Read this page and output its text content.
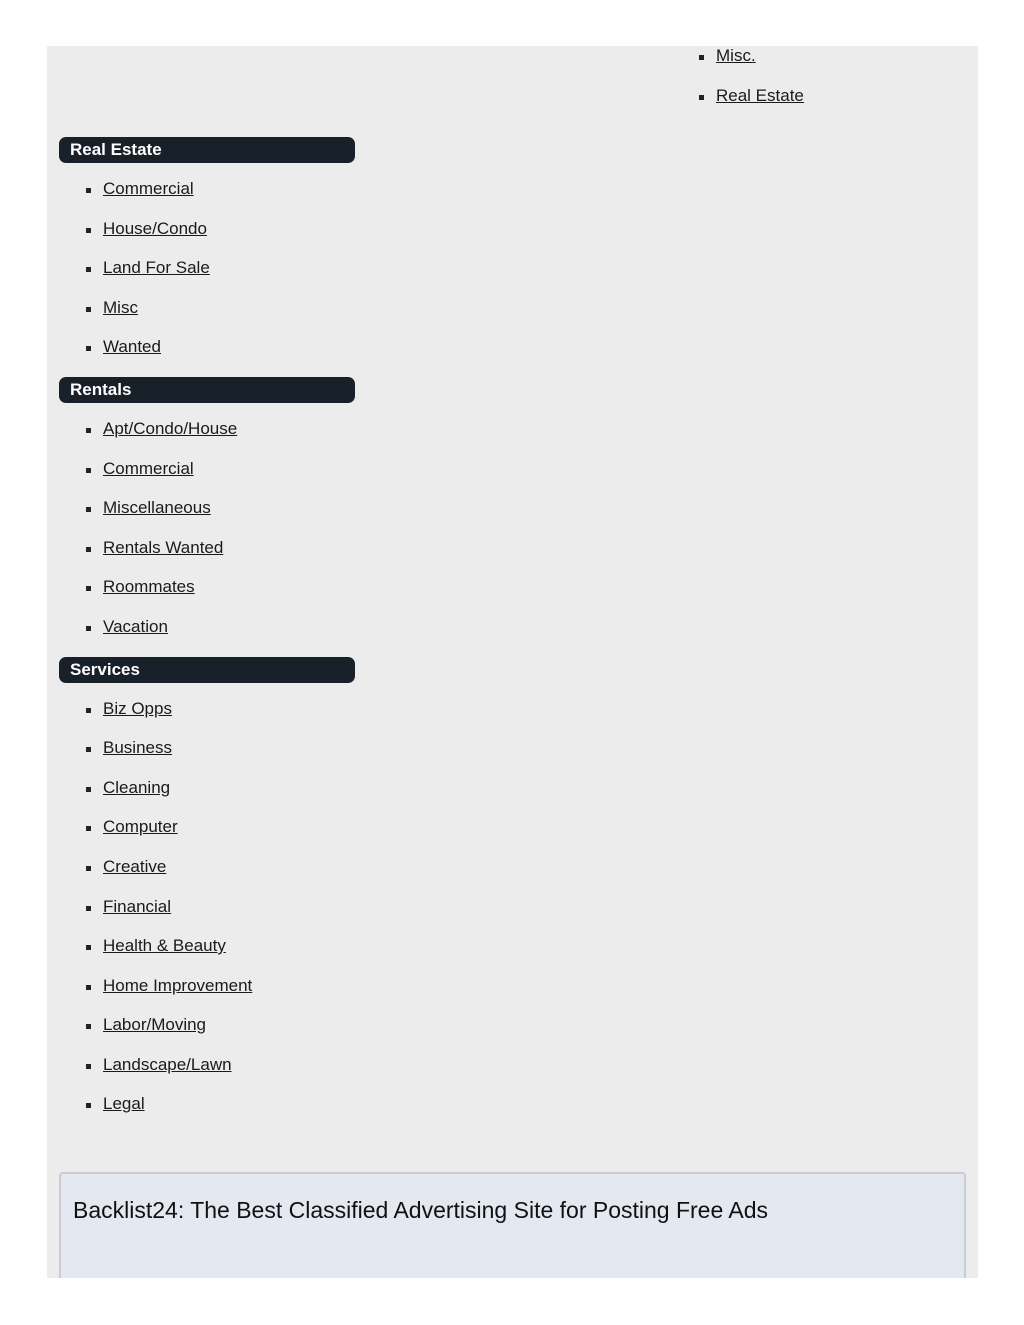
Misc.
Real Estate
Real Estate
Commercial
House/Condo
Land For Sale
Misc
Wanted
Rentals
Apt/Condo/House
Commercial
Miscellaneous
Rentals Wanted
Roommates
Vacation
Services
Biz Opps
Business
Cleaning
Computer
Creative
Financial
Health & Beauty
Home Improvement
Labor/Moving
Landscape/Lawn
Legal
Backlist24: The Best Classified Advertising Site for Posting Free Ads
